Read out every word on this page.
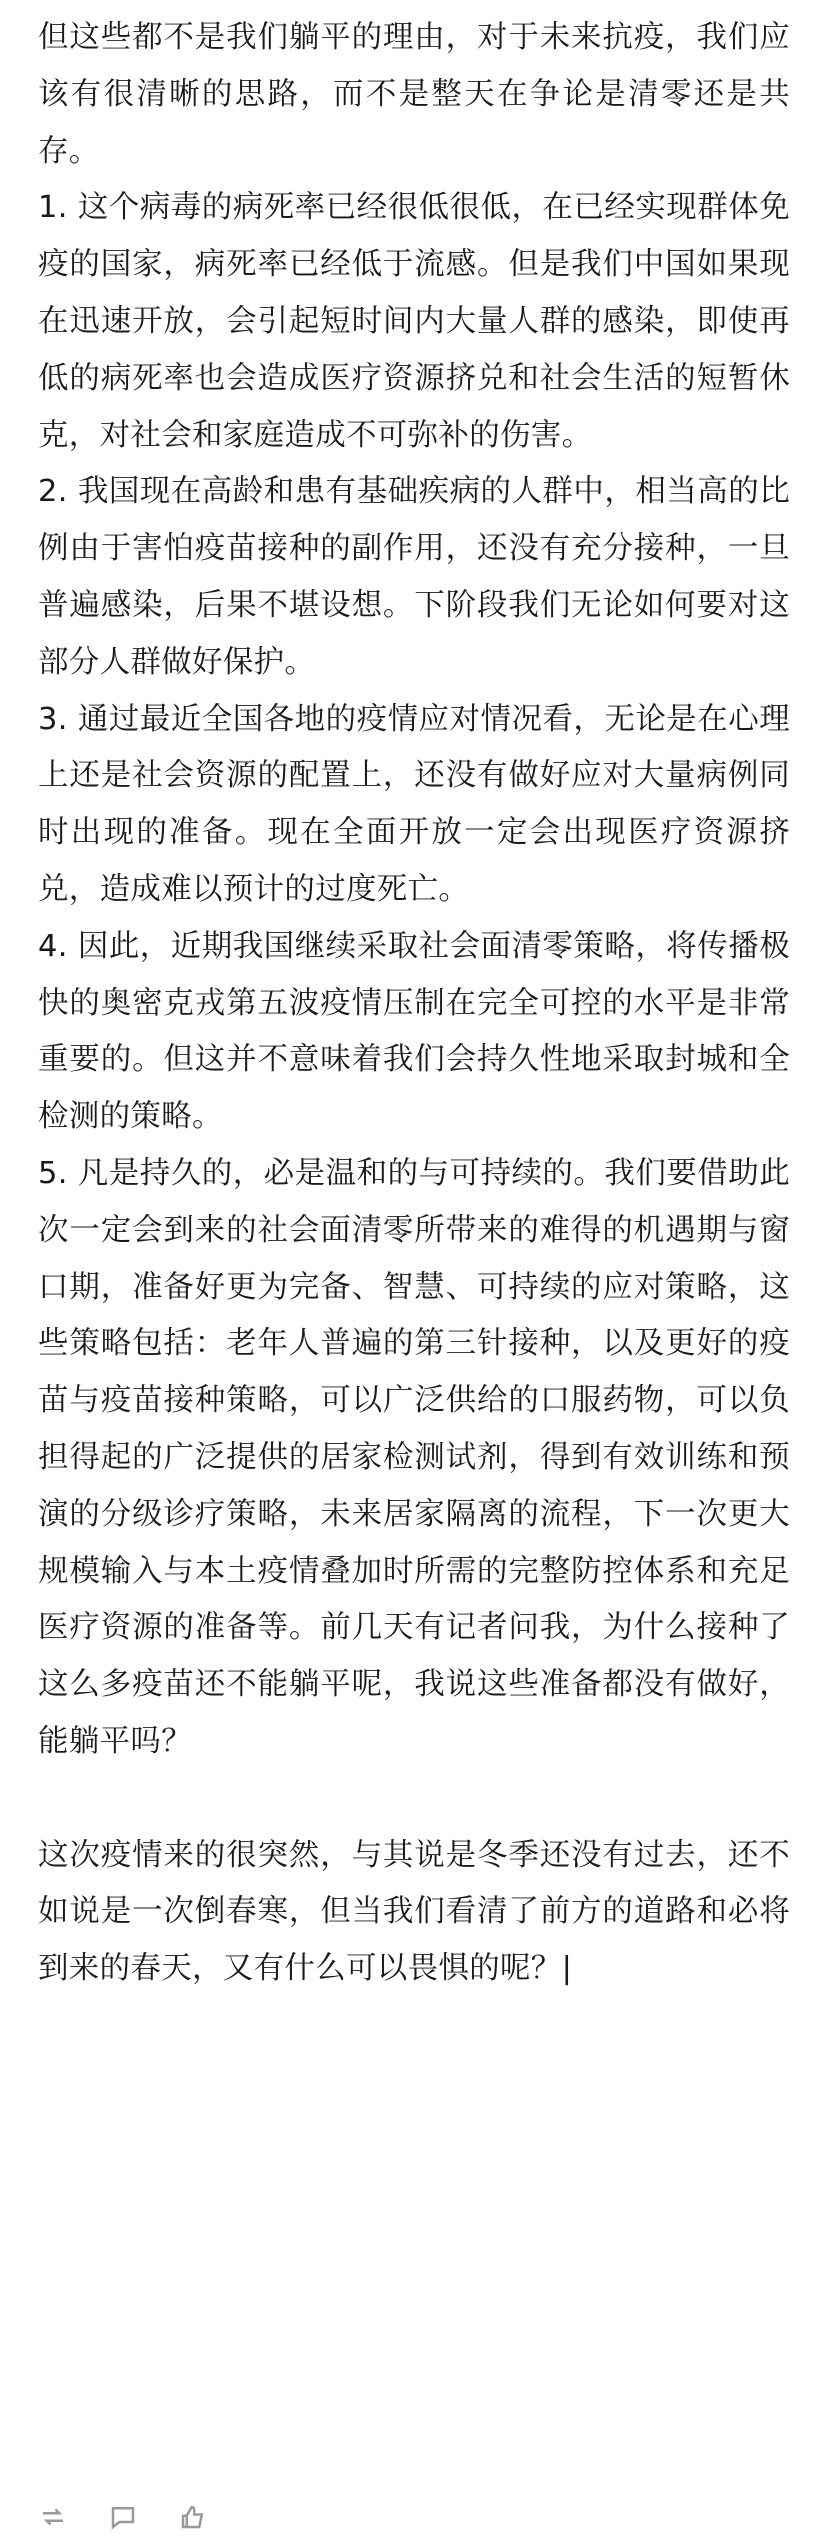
但这些都不是我们躺平的理由，对于未来抗疫，我们应该有很清晰的思路，而不是整天在争论是清零还是共存。

1. 这个病毒的病死率已经很低很低，在已经实现群体免疫的国家，病死率已经低于流感。但是我们中国如果现在迅速开放，会引起短时间内大量人群的感染，即使再低的病死率也会造成医疗资源挤兑和社会生活的短暂休克，对社会和家庭造成不可弥补的伤害。

2. 我国现在高龄和患有基础疾病的人群中，相当高的比例由于害怕疫苗接种的副作用，还没有充分接种，一旦普遍感染，后果不堪设想。下阶段我们无论如何要对这部分人群做好保护。

3. 通过最近全国各地的疫情应对情况看，无论是在心理上还是社会资源的配置上，还没有做好应对大量病例同时出现的准备。现在全面开放一定会出现医疗资源挤兑，造成难以预计的过度死亡。

4. 因此，近期我国继续采取社会面清零策略，将传播极快的奥密克戎第五波疫情压制在完全可控的水平是非常重要的。但这并不意味着我们会持久性地采取封城和全检测的策略。

5. 凡是持久的，必是温和的与可持续的。我们要借助此次一定会到来的社会面清零所带来的难得的机遇期与窗口期，准备好更为完备、智慧、可持续的应对策略，这些策略包括：老年人普遍的第三针接种，以及更好的疫苗与疫苗接种策略，可以广泛供给的口服药物，可以负担得起的广泛提供的居家检测试剂，得到有效训练和预演的分级诊疗策略，未来居家隔离的流程，下一次更大规模输入与本土疫情叠加时所需的完整防控体系和充足医疗资源的准备等。前几天有记者问我，为什么接种了这么多疫苗还不能躺平呢，我说这些准备都没有做好，能躺平吗？

这次疫情来的很突然，与其说是冬季还没有过去，还不如说是一次倒春寒，但当我们看清了前方的道路和必将到来的春天，又有什么可以畏惧的呢？|
